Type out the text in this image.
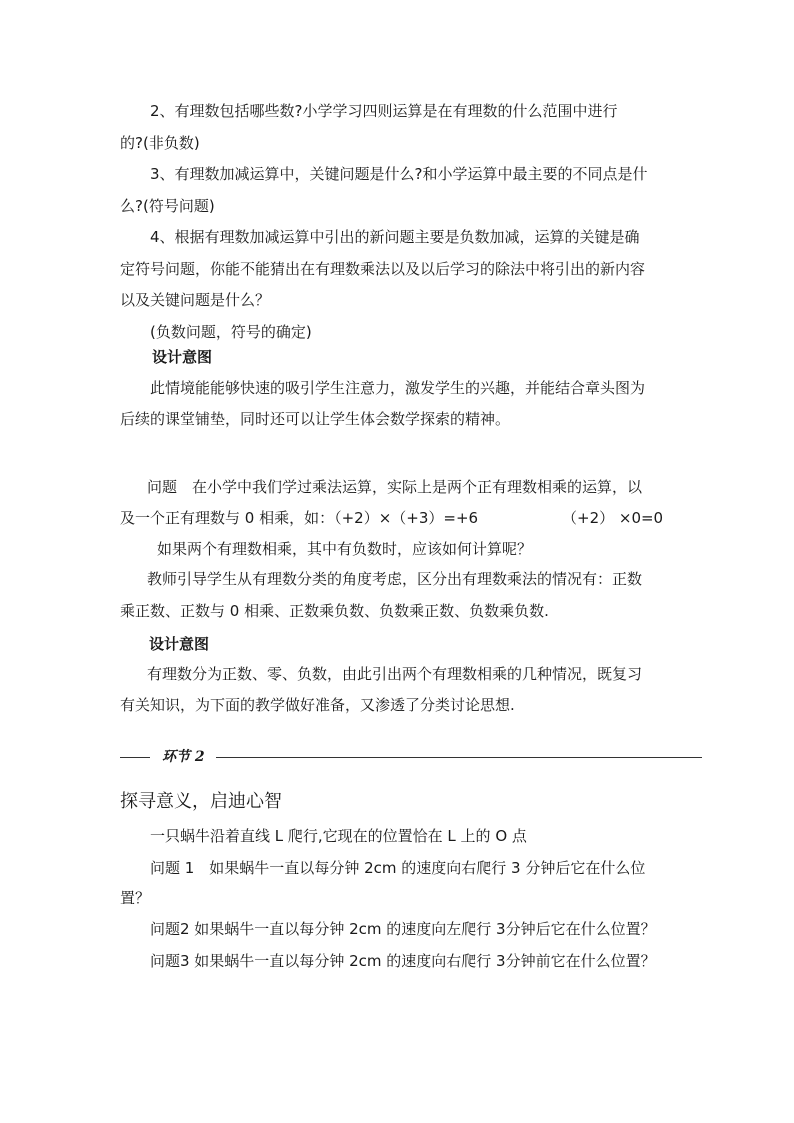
2、有理数包括哪些数?小学学习四则运算是在有理数的什么范围中进行
的?(非负数)
3、有理数加减运算中，关键问题是什么?和小学运算中最主要的不同点是什
么?(符号问题)
4、根据有理数加减运算中引出的新问题主要是负数加减，运算的关键是确
定符号问题，你能不能猜出在有理数乘法以及以后学习的除法中将引出的新内容
以及关键问题是什么？
(负数问题，符号的确定)
设计意图
此情境能能够快速的吸引学生注意力，激发学生的兴趣，并能结合章头图为
后续的课堂铺垫，同时还可以让学生体会数学探索的精神。
问题　在小学中我们学过乘法运算，实际上是两个正有理数相乘的运算，以
及一个正有理数与 0 相乘，如：（+2）×（+3）=+6	（+2） ×0=0
如果两个有理数相乘，其中有负数时，应该如何计算呢？
教师引导学生从有理数分类的角度考虑，区分出有理数乘法的情况有：正数
乘正数、正数与 0 相乘、正数乘负数、负数乘正数、负数乘负数.
设计意图
有理数分为正数、零、负数，由此引出两个有理数相乘的几种情况，既复习
有关知识，为下面的教学做好准备，又渗透了分类讨论思想.
环节 2
探寻意义，启迪心智
一只蜗牛沿着直线 L 爬行,它现在的位置恰在 L 上的 O 点
问题 1　如果蜗牛一直以每分钟 2cm 的速度向右爬行 3 分钟后它在什么位
置？
问题2 如果蜗牛一直以每分钟 2cm 的速度向左爬行 3分钟后它在什么位置？
问题3 如果蜗牛一直以每分钟 2cm 的速度向右爬行 3分钟前它在什么位置？
